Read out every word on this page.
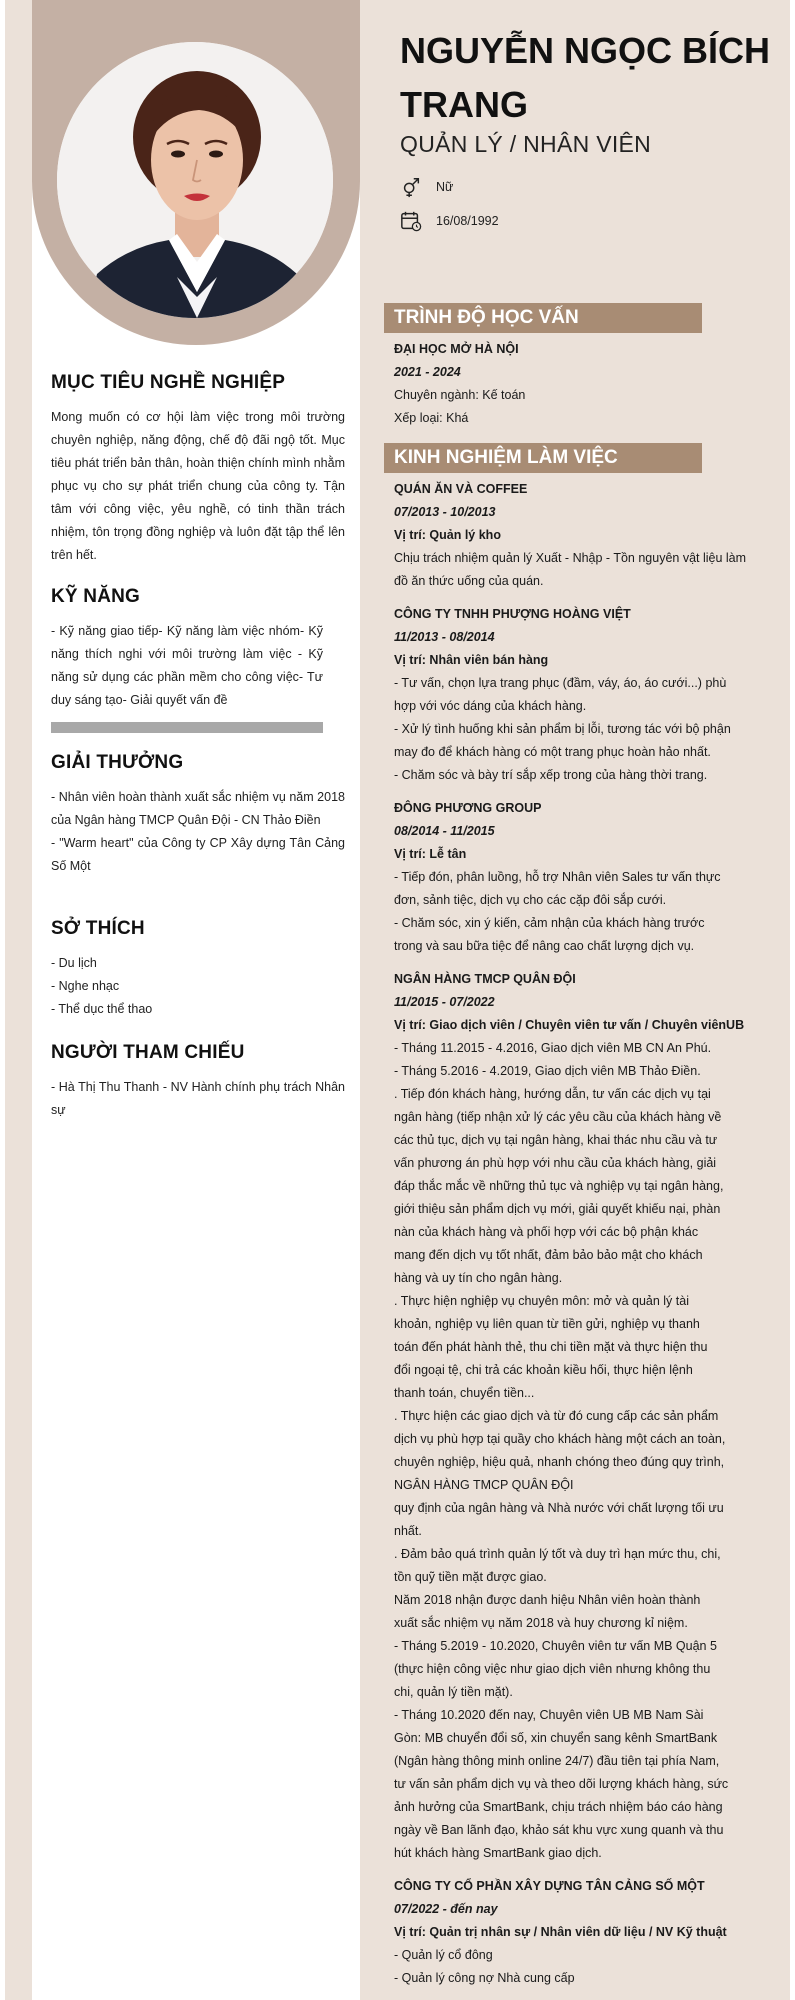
MỤC TIÊU NGHỀ NGHIỆP
Mong muốn có cơ hội làm việc trong môi trường chuyên nghiệp, năng động, chế độ đãi ngộ tốt. Mục tiêu phát triển bản thân, hoàn thiện chính mình nhằm phục vụ cho sự phát triển chung của công ty. Tận tâm với công việc, yêu nghề, có tinh thần trách nhiệm, tôn trọng đồng nghiệp và luôn đặt tập thể lên trên hết.
KỸ NĂNG
- Kỹ năng giao tiếp- Kỹ năng làm việc nhóm- Kỹ năng thích nghi với môi trường làm việc - Kỹ năng sử dụng các phần mềm cho công việc- Tư duy sáng tạo- Giải quyết vấn đề
GIẢI THƯỞNG
- Nhân viên hoàn thành xuất sắc nhiệm vụ năm 2018 của Ngân hàng TMCP Quân Đội - CN Thảo Điền
- "Warm heart" của Công ty CP Xây dựng Tân Cảng Số Một
SỞ THÍCH
- Du lịch
- Nghe nhạc
- Thể dục thể thao
NGƯỜI THAM CHIẾU
- Hà Thị Thu Thanh - NV Hành chính phụ trách Nhân sự
NGUYỄN NGỌC BÍCH TRANG
QUẢN LÝ / NHÂN VIÊN
Nữ
16/08/1992
TRÌNH ĐỘ HỌC VẤN
ĐẠI HỌC MỞ HÀ NỘI
2021 - 2024
Chuyên ngành: Kế toán
Xếp loại: Khá
KINH NGHIỆM LÀM VIỆC
QUÁN ĂN VÀ COFFEE
07/2013 - 10/2013
Vị trí: Quản lý kho
Chịu trách nhiệm quản lý Xuất - Nhập - Tồn nguyên vật liệu làm
đồ ăn thức uống của quán.
CÔNG TY TNHH PHƯỢNG HOÀNG VIỆT
11/2013 - 08/2014
Vị trí: Nhân viên bán hàng
- Tư vấn, chọn lựa trang phục (đầm, váy, áo, áo cưới...) phù
hợp với vóc dáng của khách hàng.
- Xử lý tình huống khi sản phẩm bị lỗi, tương tác với bộ phận
may đo để khách hàng có một trang phục hoàn hảo nhất.
- Chăm sóc và bày trí sắp xếp trong của hàng thời trang.
ĐÔNG PHƯƠNG GROUP
08/2014 - 11/2015
Vị trí: Lễ tân
- Tiếp đón, phân luồng, hỗ trợ Nhân viên Sales tư vấn thực
đơn, sảnh tiệc, dịch vụ cho các cặp đôi sắp cưới.
- Chăm sóc, xin ý kiến, cảm nhận của khách hàng trước
trong và sau bữa tiệc để nâng cao chất lượng dịch vụ.
NGÂN HÀNG TMCP QUÂN ĐỘI
11/2015 - 07/2022
Vị trí: Giao dịch viên / Chuyên viên tư vấn / Chuyên viênUB
- Tháng 11.2015 - 4.2016, Giao dịch viên MB CN An Phú.
- Tháng 5.2016 - 4.2019, Giao dịch viên MB Thảo Điền.
. Tiếp đón khách hàng, hướng dẫn, tư vấn các dịch vụ tại
ngân hàng (tiếp nhận xử lý các yêu cầu của khách hàng về
các thủ tục, dịch vụ tại ngân hàng, khai thác nhu cầu và tư
vấn phương án phù hợp với nhu cầu của khách hàng, giải
đáp thắc mắc về những thủ tục và nghiệp vụ tại ngân hàng,
giới thiệu sản phẩm dịch vụ mới, giải quyết khiếu nại, phàn
nàn của khách hàng và phối hợp với các bộ phận khác
mang đến dịch vụ tốt nhất, đảm bảo bảo mật cho khách
hàng và uy tín cho ngân hàng.
. Thực hiện nghiệp vụ chuyên môn: mở và quản lý tài
khoản, nghiệp vụ liên quan từ tiền gửi, nghiệp vụ thanh
toán đến phát hành thẻ, thu chi tiền mặt và thực hiện thu
đổi ngoại tệ, chi trả các khoản kiều hối, thực hiện lệnh
thanh toán, chuyển tiền...
. Thực hiện các giao dịch và từ đó cung cấp các sản phẩm
dịch vụ phù hợp tại quầy cho khách hàng một cách an toàn,
chuyên nghiệp, hiệu quả, nhanh chóng theo đúng quy trình,
NGÂN HÀNG TMCP QUÂN ĐỘI
quy định của ngân hàng và Nhà nước với chất lượng tối ưu
nhất.
. Đảm bảo quá trình quản lý tốt và duy trì hạn mức thu, chi,
tồn quỹ tiền mặt được giao.
Năm 2018 nhận được danh hiệu Nhân viên hoàn thành
xuất sắc nhiệm vụ năm 2018 và huy chương kỉ niệm.
- Tháng 5.2019 - 10.2020, Chuyên viên tư vấn MB Quận 5
(thực hiện công việc như giao dịch viên nhưng không thu
chi, quản lý tiền mặt).
- Tháng 10.2020 đến nay, Chuyên viên UB MB Nam Sài
Gòn: MB chuyển đổi số, xin chuyển sang kênh SmartBank
(Ngân hàng thông minh online 24/7) đầu tiên tại phía Nam,
tư vấn sản phẩm dịch vụ và theo dõi lượng khách hàng, sức
ảnh hưởng của SmartBank, chịu trách nhiệm báo cáo hàng
ngày về Ban lãnh đạo, khảo sát khu vực xung quanh và thu
hút khách hàng SmartBank giao dịch.
CÔNG TY CỔ PHẦN XÂY DỰNG TÂN CẢNG SỐ MỘT
07/2022 - đến nay
Vị trí: Quản trị nhân sự / Nhân viên dữ liệu / NV Kỹ thuật
- Quản lý cổ đông
- Quản lý công nợ Nhà cung cấp
